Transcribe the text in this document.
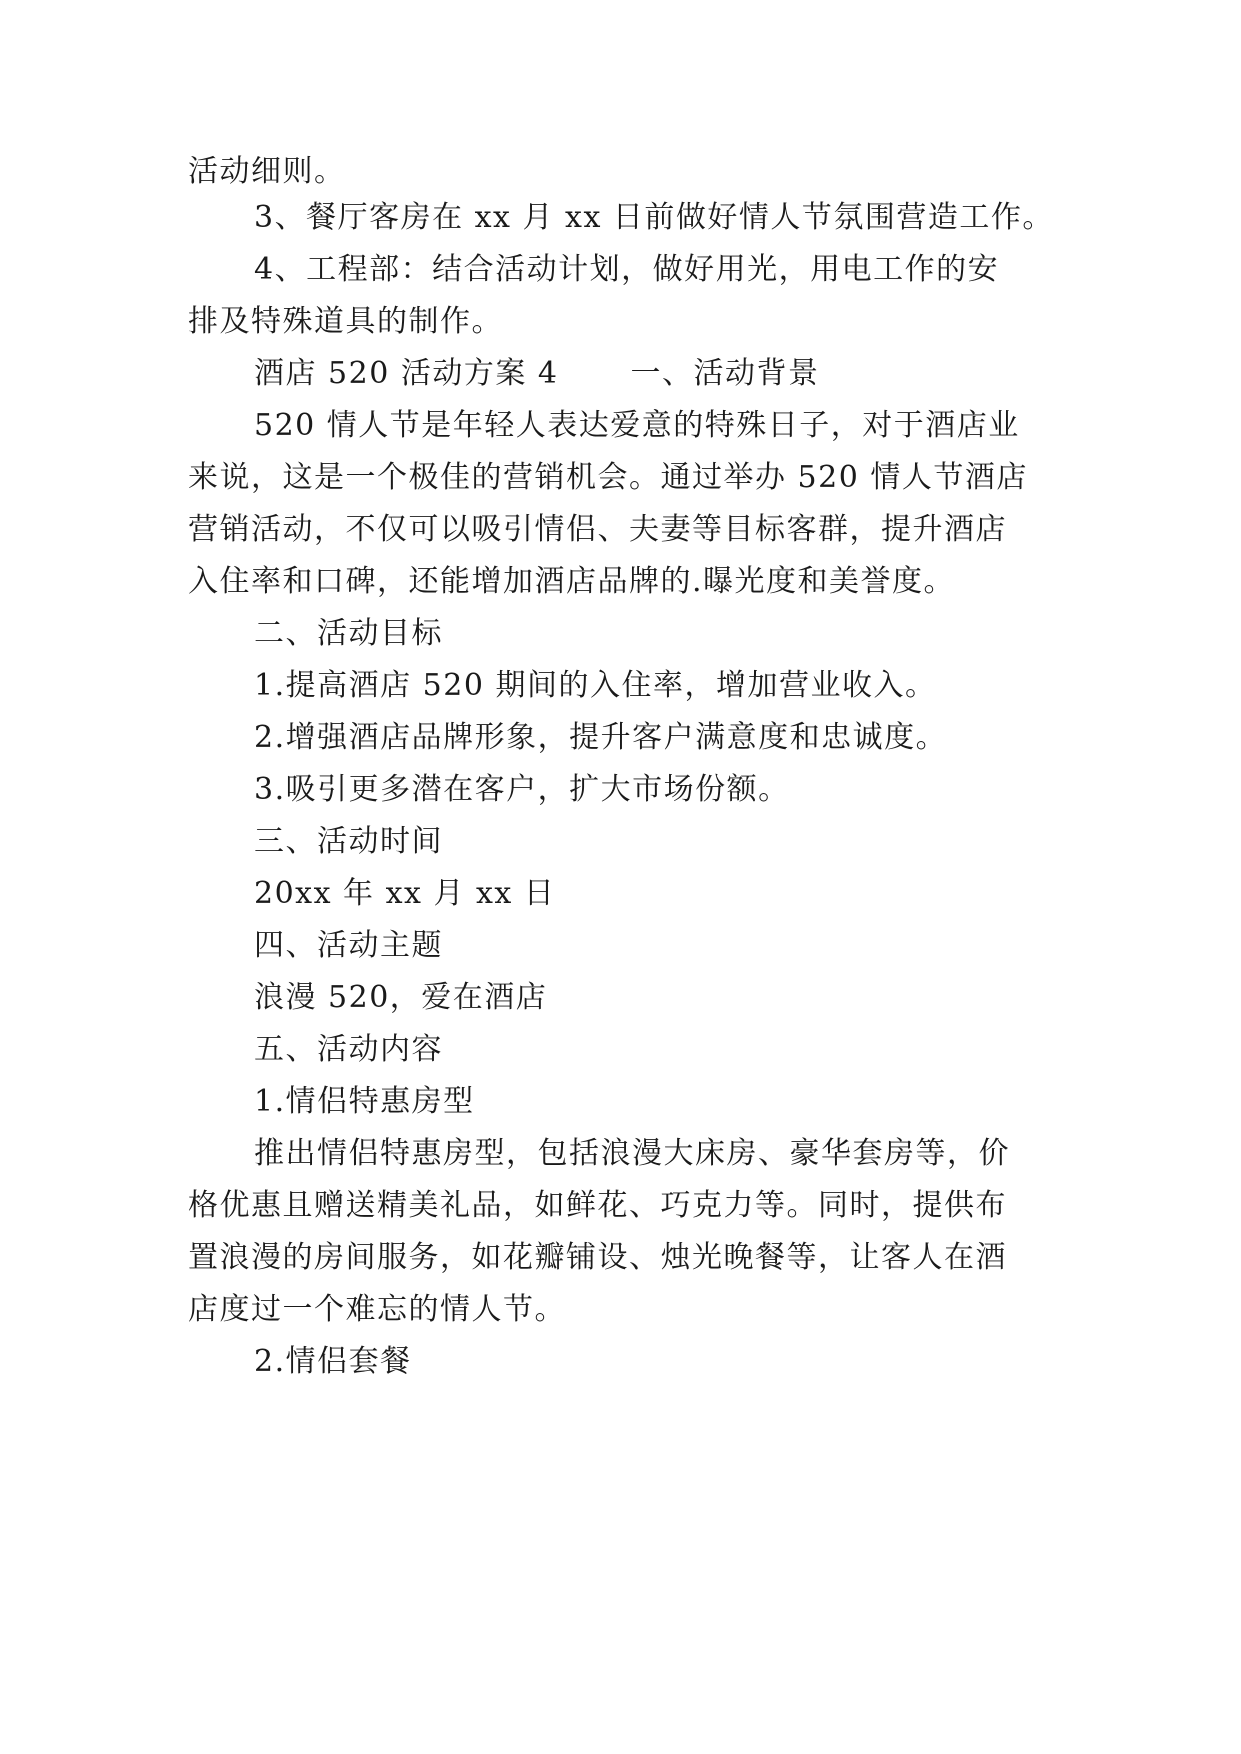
活动细则。
3、餐厅客房在 xx 月 xx 日前做好情人节氛围营造工作。
4、工程部：结合活动计划，做好用光，用电工作的安
排及特殊道具的制作。
酒店 520 活动方案 4 一、活动背景
520 情人节是年轻人表达爱意的特殊日子，对于酒店业
来说，这是一个极佳的营销机会。通过举办 520 情人节酒店
营销活动，不仅可以吸引情侣、夫妻等目标客群，提升酒店
入住率和口碑，还能增加酒店品牌的.曝光度和美誉度。
二、活动目标
1.提高酒店 520 期间的入住率，增加营业收入。
2.增强酒店品牌形象，提升客户满意度和忠诚度。
3.吸引更多潜在客户，扩大市场份额。
三、活动时间
20xx 年 xx 月 xx 日
四、活动主题
浪漫 520，爱在酒店
五、活动内容
1.情侣特惠房型
推出情侣特惠房型，包括浪漫大床房、豪华套房等，价
格优惠且赠送精美礼品，如鲜花、巧克力等。同时，提供布
置浪漫的房间服务，如花瓣铺设、烛光晚餐等，让客人在酒
店度过一个难忘的情人节。
2.情侣套餐
